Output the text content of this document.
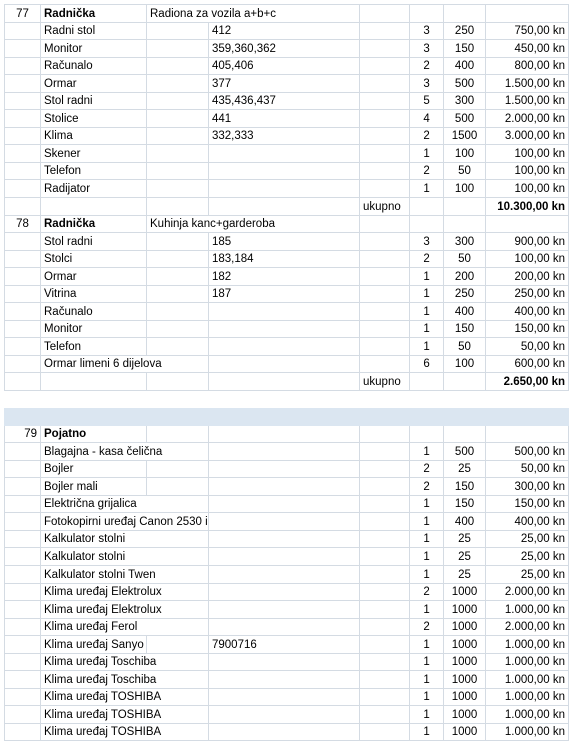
77	Radnička	Radiona za vozila a+b+c					
	Radni stol		412		3	250	750,00 kn
	Monitor		359,360,362		3	150	450,00 kn
	Računalo		405,406		2	400	800,00 kn
	Ormar		377		3	500	1.500,00 kn
	Stol radni		435,436,437		5	300	1.500,00 kn
	Stolice		441		4	500	2.000,00 kn
	Klima		332,333		2	1500	3.000,00 kn
	Skener				1	100	100,00 kn
	Telefon				2	50	100,00 kn
	Radijator				1	100	100,00 kn
				ukupno			10.300,00 kn
78	Radnička	Kuhinja kanc+garderoba					
	Stol radni		185		3	300	900,00 kn
	Stolci		183,184		2	50	100,00 kn
	Ormar		182		1	200	200,00 kn
	Vitrina		187		1	250	250,00 kn
	Računalo				1	400	400,00 kn
	Monitor				1	150	150,00 kn
	Telefon				1	50	50,00 kn
	Ormar limeni 6 dijelova				6	100	600,00 kn
				ukupno			2.650,00 kn

79	Pojatno						
	Blagajna - kasa čelična				1	500	500,00 kn
	Bojler				2	25	50,00 kn
	Bojler mali				2	150	300,00 kn
	Električna grijalica				1	150	150,00 kn
	Fotokopirni uređaj Canon 2530 i				1	400	400,00 kn
	Kalkulator stolni				1	25	25,00 kn
	Kalkulator stolni				1	25	25,00 kn
	Kalkulator stolni Twen				1	25	25,00 kn
	Klima uređaj Elektrolux				2	1000	2.000,00 kn
	Klima uređaj Elektrolux				1	1000	1.000,00 kn
	Klima uređaj Ferol				2	1000	2.000,00 kn
	Klima uređaj Sanyo		7900716		1	1000	1.000,00 kn
	Klima uređaj Toschiba				1	1000	1.000,00 kn
	Klima uređaj Toschiba				1	1000	1.000,00 kn
	Klima uređaj TOSHIBA				1	1000	1.000,00 kn
	Klima uređaj TOSHIBA				1	1000	1.000,00 kn
	Klima uređaj TOSHIBA				1	1000	1.000,00 kn
